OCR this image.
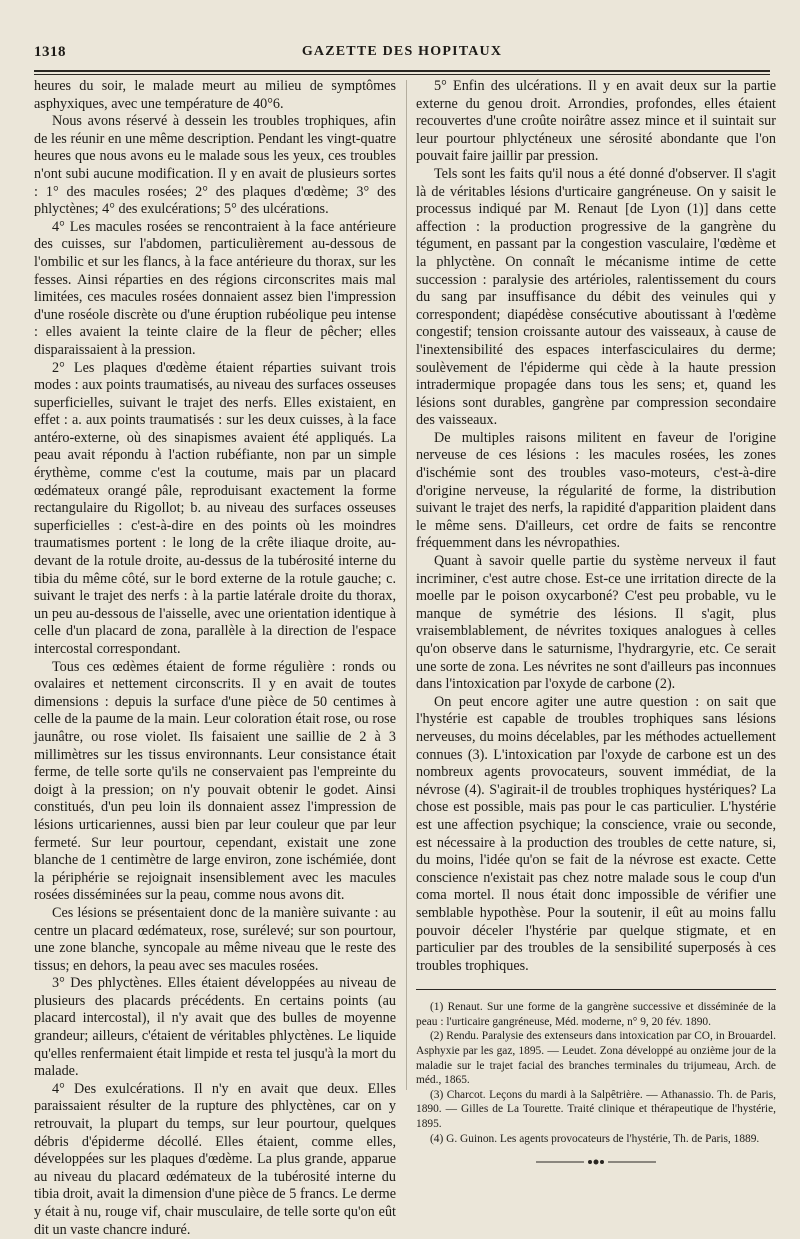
1318	GAZETTE DES HOPITAUX

heures du soir, le malade meurt au milieu de symptômes asphyxiques, avec une température de 40°6.

Nous avons réservé à dessein les troubles trophiques, afin de les réunir en une même description. Pendant les vingt-quatre heures que nous avons eu le malade sous les yeux, ces troubles n'ont subi aucune modification. Il y en avait de plusieurs sortes : 1° des macules rosées; 2° des plaques d'œdème; 3° des phlyctènes; 4° des exulcérations; 5° des ulcérations.

4° Les macules rosées se rencontraient à la face antérieure des cuisses, sur l'abdomen, particulièrement au-dessous de l'ombilic et sur les flancs, à la face antérieure du thorax, sur les fesses. Ainsi réparties en des régions circonscrites mais mal limitées, ces macules rosées donnaient assez bien l'impression d'une roséole discrète ou d'une éruption rubéolique peu intense : elles avaient la teinte claire de la fleur de pêcher; elles disparaissaient à la pression.

2° Les plaques d'œdème étaient réparties suivant trois modes : aux points traumatisés, au niveau des surfaces osseuses superficielles, suivant le trajet des nerfs. Elles existaient, en effet : a. aux points traumatisés : sur les deux cuisses, à la face antéro-externe, où des sinapismes avaient été appliqués. La peau avait répondu à l'action rubéfiante, non par un simple érythème, comme c'est la coutume, mais par un placard œdémateux orangé pâle, reproduisant exactement la forme rectangulaire du Rigollot; b. au niveau des surfaces osseuses superficielles : c'est-à-dire en des points où les moindres traumatismes portent : le long de la crête iliaque droite, au-devant de la rotule droite, au-dessus de la tubérosité interne du tibia du même côté, sur le bord externe de la rotule gauche; c. suivant le trajet des nerfs : à la partie latérale droite du thorax, un peu au-dessous de l'aisselle, avec une orientation identique à celle d'un placard de zona, parallèle à la direction de l'espace intercostal correspondant.

Tous ces œdèmes étaient de forme régulière : ronds ou ovalaires et nettement circonscrits. Il y en avait de toutes dimensions : depuis la surface d'une pièce de 50 centimes à celle de la paume de la main. Leur coloration était rose, ou rose jaunâtre, ou rose violet. Ils faisaient une saillie de 2 à 3 millimètres sur les tissus environnants. Leur consistance était ferme, de telle sorte qu'ils ne conservaient pas l'empreinte du doigt à la pression; on n'y pouvait obtenir le godet. Ainsi constitués, d'un peu loin ils donnaient assez l'impression de lésions urticariennes, aussi bien par leur couleur que par leur fermeté. Sur leur pourtour, cependant, existait une zone blanche de 1 centimètre de large environ, zone ischémiée, dont la périphérie se rejoignait insensiblement avec les macules rosées disséminées sur la peau, comme nous avons dit.

Ces lésions se présentaient donc de la manière suivante : au centre un placard œdémateux, rose, surélevé; sur son pourtour, une zone blanche, syncopale au même niveau que le reste des tissus; en dehors, la peau avec ses macules rosées.

3° Des phlyctènes. Elles étaient développées au niveau de plusieurs des placards précédents. En certains points (au placard intercostal), il n'y avait que des bulles de moyenne grandeur; ailleurs, c'étaient de véritables phlyctènes. Le liquide qu'elles renfermaient était limpide et resta tel jusqu'à la mort du malade.

4° Des exulcérations. Il n'y en avait que deux. Elles paraissaient résulter de la rupture des phlyctènes, car on y retrouvait, la plupart du temps, sur leur pourtour, quelques débris d'épiderme décollé. Elles étaient, comme elles, développées sur les plaques d'œdème. La plus grande, apparue au niveau du placard œdémateux de la tubérosité interne du tibia droit, avait la dimension d'une pièce de 5 francs. Le derme y était à nu, rouge vif, chair musculaire, de telle sorte qu'on eût dit un vaste chancre induré.

5° Enfin des ulcérations. Il y en avait deux sur la partie externe du genou droit. Arrondies, profondes, elles étaient recouvertes d'une croûte noirâtre assez mince et il suintait sur leur pourtour phlycténeux une sérosité abondante que l'on pouvait faire jaillir par pression.

Tels sont les faits qu'il nous a été donné d'observer. Il s'agit là de véritables lésions d'urticaire gangréneuse. On y saisit le processus indiqué par M. Renaut [de Lyon (1)] dans cette affection : la production progressive de la gangrène du tégument, en passant par la congestion vasculaire, l'œdème et la phlyctène. On connaît le mécanisme intime de cette succession : paralysie des artérioles, ralentissement du cours du sang par insuffisance du débit des veinules qui y correspondent; diapédèse consécutive aboutissant à l'œdème congestif; tension croissante autour des vaisseaux, à cause de l'inextensibilité des espaces interfasciculaires du derme; soulèvement de l'épiderme qui cède à la haute pression intradermique propagée dans tous les sens; et, quand les lésions sont durables, gangrène par compression secondaire des vaisseaux.

De multiples raisons militent en faveur de l'origine nerveuse de ces lésions : les macules rosées, les zones d'ischémie sont des troubles vaso-moteurs, c'est-à-dire d'origine nerveuse, la régularité de forme, la distribution suivant le trajet des nerfs, la rapidité d'apparition plaident dans le même sens. D'ailleurs, cet ordre de faits se rencontre fréquemment dans les névropathies.

Quant à savoir quelle partie du système nerveux il faut incriminer, c'est autre chose. Est-ce une irritation directe de la moelle par le poison oxycarboné? C'est peu probable, vu le manque de symétrie des lésions. Il s'agit, plus vraisemblablement, de névrites toxiques analogues à celles qu'on observe dans le saturnisme, l'hydrargyrie, etc. Ce serait une sorte de zona. Les névrites ne sont d'ailleurs pas inconnues dans l'intoxication par l'oxyde de carbone (2).

On peut encore agiter une autre question : on sait que l'hystérie est capable de troubles trophiques sans lésions nerveuses, du moins décelables, par les méthodes actuellement connues (3). L'intoxication par l'oxyde de carbone est un des nombreux agents provocateurs, souvent immédiat, de la névrose (4). S'agirait-il de troubles trophiques hystériques? La chose est possible, mais pas pour le cas particulier. L'hystérie est une affection psychique; la conscience, vraie ou seconde, est nécessaire à la production des troubles de cette nature, si, du moins, l'idée qu'on se fait de la névrose est exacte. Cette conscience n'existait pas chez notre malade sous le coup d'un coma mortel. Il nous était donc impossible de vérifier une semblable hypothèse. Pour la soutenir, il eût au moins fallu pouvoir déceler l'hystérie par quelque stigmate, et en particulier par des troubles de la sensibilité superposés à ces troubles trophiques.

(1) Renaut. Sur une forme de la gangrène successive et disséminée de la peau : l'urticaire gangréneuse, Méd. moderne, n° 9, 20 fév. 1890.

(2) Rendu. Paralysie des extenseurs dans intoxication par CO, in Brouardel. Asphyxie par les gaz, 1895. — Leudet. Zona développé au onzième jour de la maladie sur le trajet facial des branches terminales du trijumeau, Arch. de méd., 1865.

(3) Charcot. Leçons du mardi à la Salpêtrière. — Athanassio. Th. de Paris, 1890. — Gilles de La Tourette. Traité clinique et thérapeutique de l'hystérie, 1895.

(4) G. Guinon. Les agents provocateurs de l'hystérie, Th. de Paris, 1889.
